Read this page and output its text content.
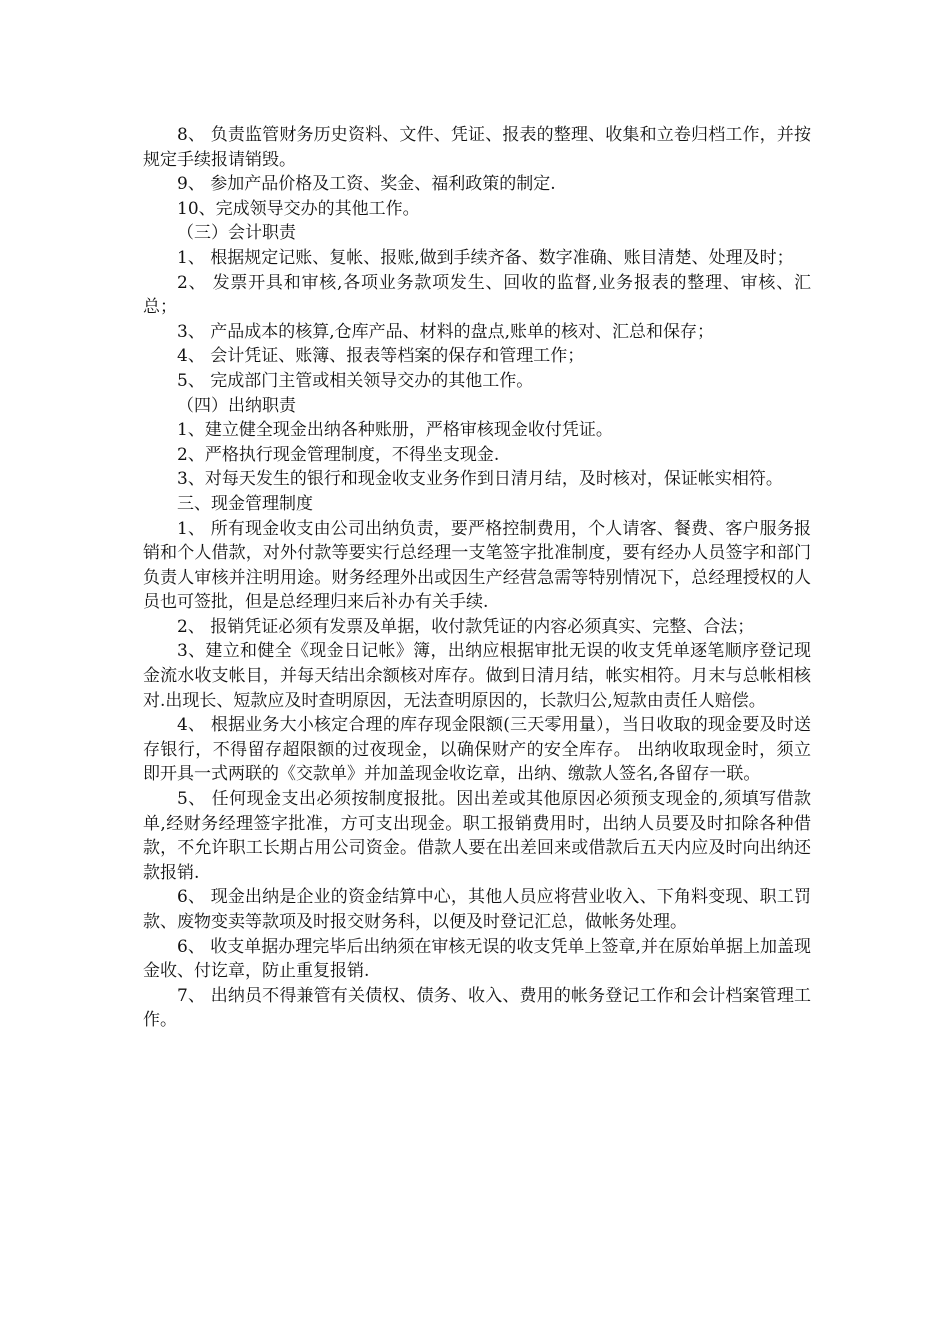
8、 负责监管财务历史资料、文件、凭证、报表的整理、收集和立卷归档工作，并按规定手续报请销毁。

9、 参加产品价格及工资、奖金、福利政策的制定.

10、完成领导交办的其他工作。

（三）会计职责

1、 根据规定记账、复帐、报账,做到手续齐备、数字准确、账目清楚、处理及时；

2、 发票开具和审核,各项业务款项发生、回收的监督,业务报表的整理、审核、汇总；

3、 产品成本的核算,仓库产品、材料的盘点,账单的核对、汇总和保存；

4、 会计凭证、账簿、报表等档案的保存和管理工作；

5、 完成部门主管或相关领导交办的其他工作。

（四）出纳职责

1、建立健全现金出纳各种账册，严格审核现金收付凭证。

2、严格执行现金管理制度，不得坐支现金.

3、对每天发生的银行和现金收支业务作到日清月结，及时核对，保证帐实相符。

三、现金管理制度

1、 所有现金收支由公司出纳负责，要严格控制费用，个人请客、餐费、客户服务报销和个人借款，对外付款等要实行总经理一支笔签字批准制度，要有经办人员签字和部门负责人审核并注明用途。财务经理外出或因生产经营急需等特别情况下，总经理授权的人员也可签批，但是总经理归来后补办有关手续.

2、 报销凭证必须有发票及单据，收付款凭证的内容必须真实、完整、合法；

3、建立和健全《现金日记帐》簿，出纳应根据审批无误的收支凭单逐笔顺序登记现金流水收支帐目，并每天结出余额核对库存。做到日清月结，帐实相符。月末与总帐相核对.出现长、短款应及时查明原因，无法查明原因的，长款归公,短款由责任人赔偿。

4、 根据业务大小核定合理的库存现金限额(三天零用量），当日收取的现金要及时送存银行，不得留存超限额的过夜现金，以确保财产的安全库存。 出纳收取现金时，须立即开具一式两联的《交款单》并加盖现金收讫章，出纳、缴款人签名,各留存一联。

5、 任何现金支出必须按制度报批。因出差或其他原因必须预支现金的,须填写借款单,经财务经理签字批准，方可支出现金。职工报销费用时，出纳人员要及时扣除各种借款，不允许职工长期占用公司资金。借款人要在出差回来或借款后五天内应及时向出纳还款报销.

6、 现金出纳是企业的资金结算中心，其他人员应将营业收入、下角料变现、职工罚款、废物变卖等款项及时报交财务科，以便及时登记汇总，做帐务处理。

6、 收支单据办理完毕后出纳须在审核无误的收支凭单上签章,并在原始单据上加盖现金收、付讫章，防止重复报销.

7、 出纳员不得兼管有关债权、债务、收入、费用的帐务登记工作和会计档案管理工作。
